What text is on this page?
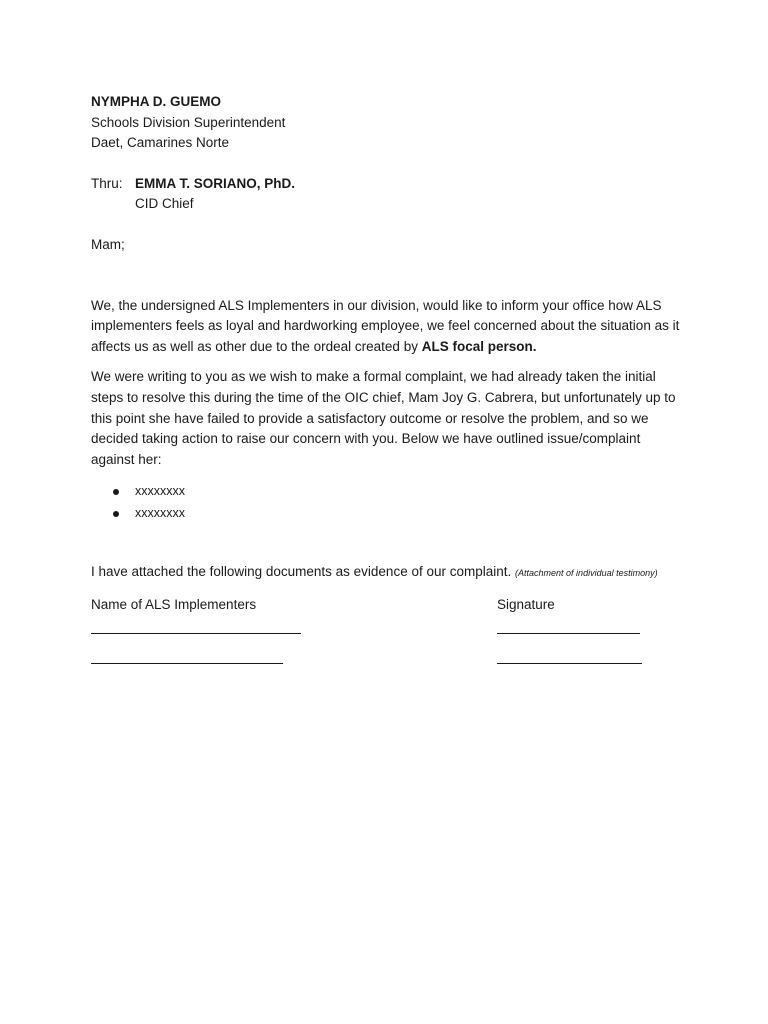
NYMPHA D. GUEMO
Schools Division Superintendent
Daet, Camarines Norte
Thru: EMMA T. SORIANO, PhD.
CID Chief
Mam;

We, the undersigned ALS Implementers in our division, would like to inform your office how ALS implementers feels as loyal and hardworking employee, we feel concerned about the situation as it affects us as well as other due to the ordeal created by ALS focal person.

We were writing to you as we wish to make a formal complaint, we had already taken the initial steps to resolve this during the time of the OIC chief, Mam Joy G. Cabrera, but unfortunately up to this point she have failed to provide a satisfactory outcome or resolve the problem, and so we decided taking action to raise our concern with you. Below we have outlined issue/complaint against her:

xxxxxxxx
xxxxxxxx
I have attached the following documents as evidence of our complaint. (Attachment of individual testimony)
Name of ALS Implementers	Signature
